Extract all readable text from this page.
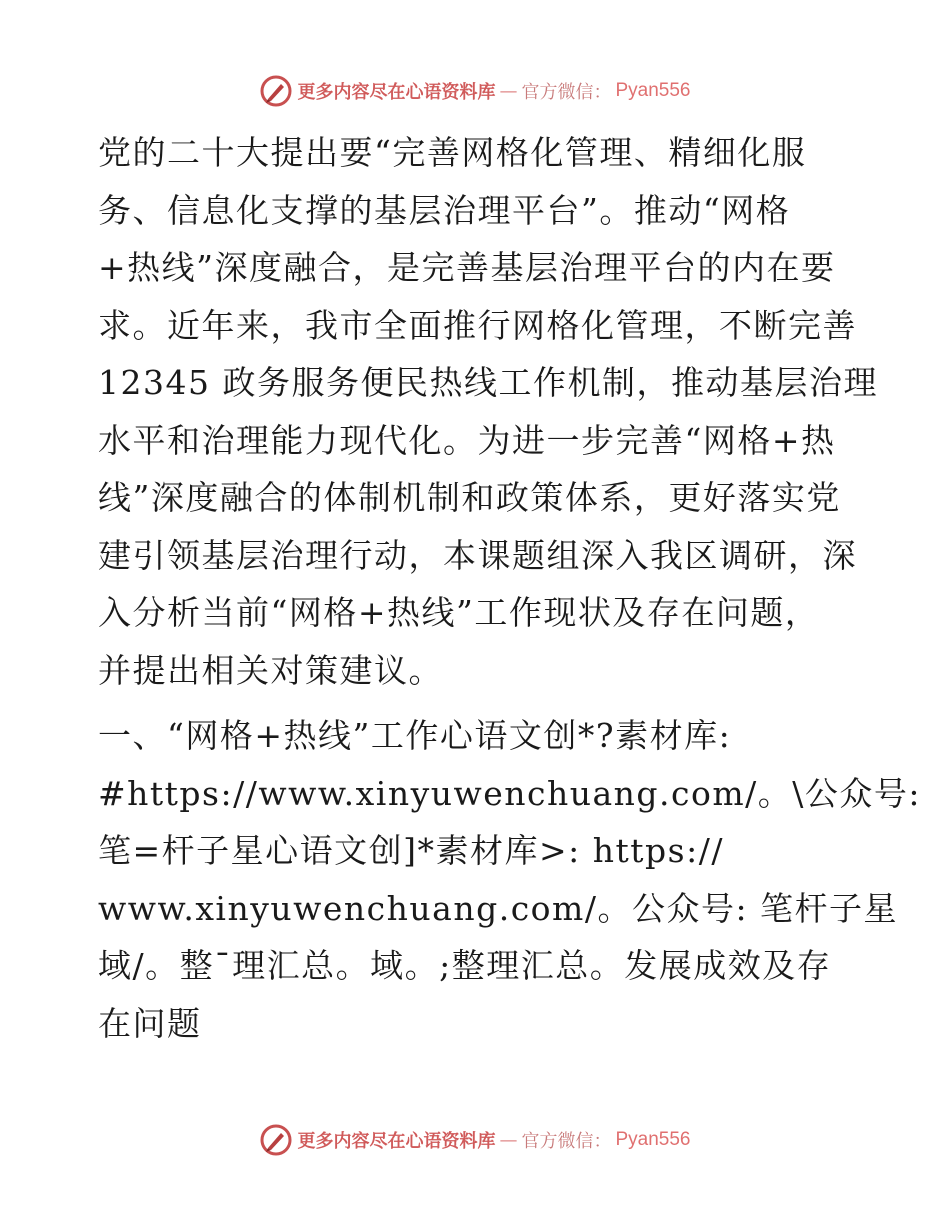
更多内容尽在心语资料库 — 官方微信： Pyan556
党的二十大提出要“完善网格化管理、精细化服
务、信息化支撑的基层治理平台”。推动“网格
+热线”深度融合，是完善基层治理平台的内在要
求。近年来，我市全面推行网格化管理，不断完善
12345 政务服务便民热线工作机制，推动基层治理
水平和治理能力现代化。为进一步完善“网格+热
线”深度融合的体制机制和政策体系，更好落实党
建引领基层治理行动，本课题组深入我区调研，深
入分析当前“网格+热线”工作现状及存在问题，
并提出相关对策建议。
一、“网格+热线”工作心语文创*?素材库:
#https://www.xinyuwenchuang.com/。\公众号:
笔=杆子星心语文创]*素材库>: https://
www.xinyuwenchuang.com/。公众号: 笔杆子星
域/。整¯理汇总。域。;整理汇总。发展成效及存
在问题
更多内容尽在心语资料库 — 官方微信： Pyan556
